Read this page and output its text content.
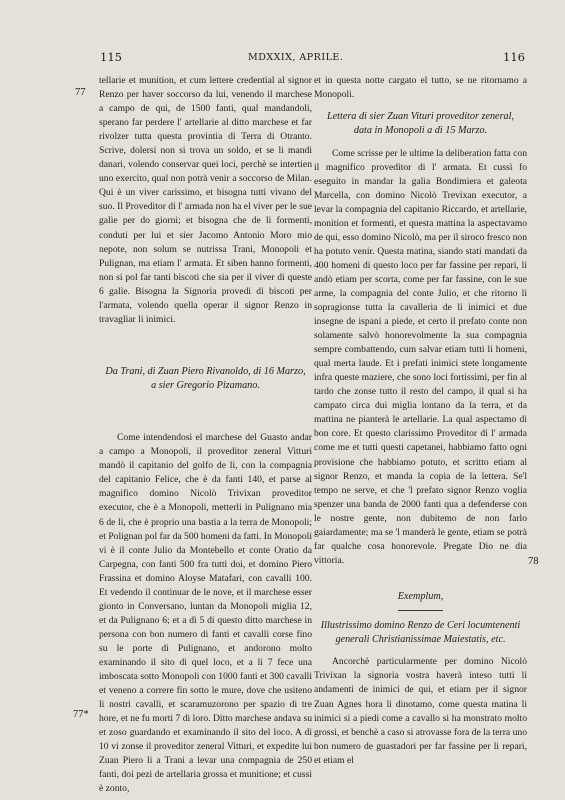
115	MDXXIX, APRILE.	116
77
77*
78

tellarie et munition, et cum lettere credential al signor Renzo per haver soccorso da lui, venendo il marchese a campo de qui, de 1500 fanti, qual mandandoli, sperano far perdere l' artellarie al ditto marchese et far rivolzer tutta questa provintia di Terra di Otranto. Scrive, dolersi non si trova un soldo, et se li mandi danari, volendo conservar quei loci, perchè se intertien uno exercito, qual non potrà venir a soccorso de Milan. Qui è un viver carissimo, et bisogna tutti vivano del suo. Il Proveditor di l' armada non ha el viver per le sue galìe per do giorni; et bisogna che de li formenti, conduti per lui et sier Jacomo Antonio Moro mio nepote, non solum se nutrissa Trani, Monopoli et Pulignan, ma etiam l' armata. Et siben hanno formenti, non si pol far tanti biscoti che sia per il viver di queste 6 galìe. Bisogna la Signoria provedi di biscoti per l'armata, volendo quella operar il signor Renzo in travagliar li inimici.

Da Trani, di Zuan Piero Rivanoldo, di 16 Marzo, a sier Gregorio Pizamano.

Come intendendosi el marchese del Guasto andar a campo a Monopoli, il proveditor zeneral Vitturi mandò il capitanio del golfo de lì, con la compagnia del capitanio Felice, che è da fanti 140, et parse al magnifico domino Nicolò Trivixan proveditor executor, che è a Monopoli, metterli in Pulignano mia 6 de lì, che è proprio una bastia a la terra de Monopoli; et Polignan pol far da 500 homeni da fatti. In Monopoli vi è il conte Julio da Montebello et conte Oratio da Carpegna, con fanti 500 fra tutti doi, et domino Piero Frassina et domino Aloyse Matafari, con cavalli 100. Et vedendo il continuar de le nove, et il marchese esser gionto in Conversano, luntan da Monopoli miglia 12, et da Pulignano 6; et a dì 5 di questo ditto marchese in persona con bon numero di fanti et cavalli corse fino su le porte di Pulignano, et andorono molto examinando il sito di quel loco, et a li 7 fece una imboscata sotto Monopoli con 1000 fanti et 300 cavalli et veneno a correre fin sotto le mure, dove che usiteno li nostri cavalli, et scaramuzorono per spazio di tre hore, et ne fu morti 7 di loro. Ditto marchese andava su et zoso guardando et examinando il sito del loco. A dì 10 vi zonse il proveditor zeneral Vitturi, et expedite lui Zuan Piero li a Trani a levar una compagnia de 250 fanti, doi pezi de artellaria grossa et munitione; et cussì è zonto,

et in questa notte cargato el tutto, se ne ritornamo a Monopoli.

Lettera di sier Zuan Vituri proveditor zeneral, data in Monopoli a dì 15 Marzo.

Come scrisse per le ultime la deliberation fatta con il magnifico proveditor di l' armata. Et cussì fo eseguito in mandar la galìa Bondimiera et galeota Marcella, con domino Nicolò Trevixan executor, a levar la compagnia del capitanio Riccardo, et artellarie, monition et formenti, et questa mattina la aspectavamo de qui, esso domino Nicolò, ma per il siroco fresco non ha potuto venir. Questa matina, siando stati mandati da 400 homeni di questo loco per far fassine per repari, li andò etiam per scorta, come per far fassine, con le sue arme, la compagnia del conte Julio, et che ritorno li sopragionse tutta la cavalleria de li inimici et due insegne de ispani a piede, et certo il prefato conte non solamente salvò honorevolmente la sua compagnia sempre combattendo, cum salvar etiam tutti li homeni, qual merta laude. Et i prefati inimici stete longamente infra queste maziere, che sono loci fortissimi, per fin al tardo che zonse tutto il resto del campo, il qual si ha campato circa dui miglia lontano da la terra, et da mattina ne pianterà le artellarie. La qual aspectamo di bon core. Et questo clarissimo Proveditor di l' armada come me et tutti questi capetanei, habbiamo fatto ogni provisione che habbiamo potuto, et scritto etiam al signor Renzo, et manda la copia de la lettera. Se'l tempo ne serve, et che 'l prefato signor Renzo voglia spenzer una banda de 2000 fanti qua a defenderse con le nostre gente, non dubitemo de non farlo gaiardamente; ma se 'l manderà le gente, etiam se potrà far qualche cosa honorevole. Pregate Dio ne dia vittoria.

Exemplum,

Illustrissimo domino Renzo de Ceri locumtenenti generali Christianissimae Maiestatis, etc.

Ancorchè particularmente per domino Nicolò Trivixan la signoria vostra haverà inteso tutti li andamenti de inimici de qui, et etiam per il signor Zuan Agnes hora li dinotamo, come questa matina li inimici si a piedi come a cavallo si ha monstrato molto grossi, et benchè a caso si atrovasse fora de la terra uno bon numero de guastadori per far fassine per li repari, et etiam el
